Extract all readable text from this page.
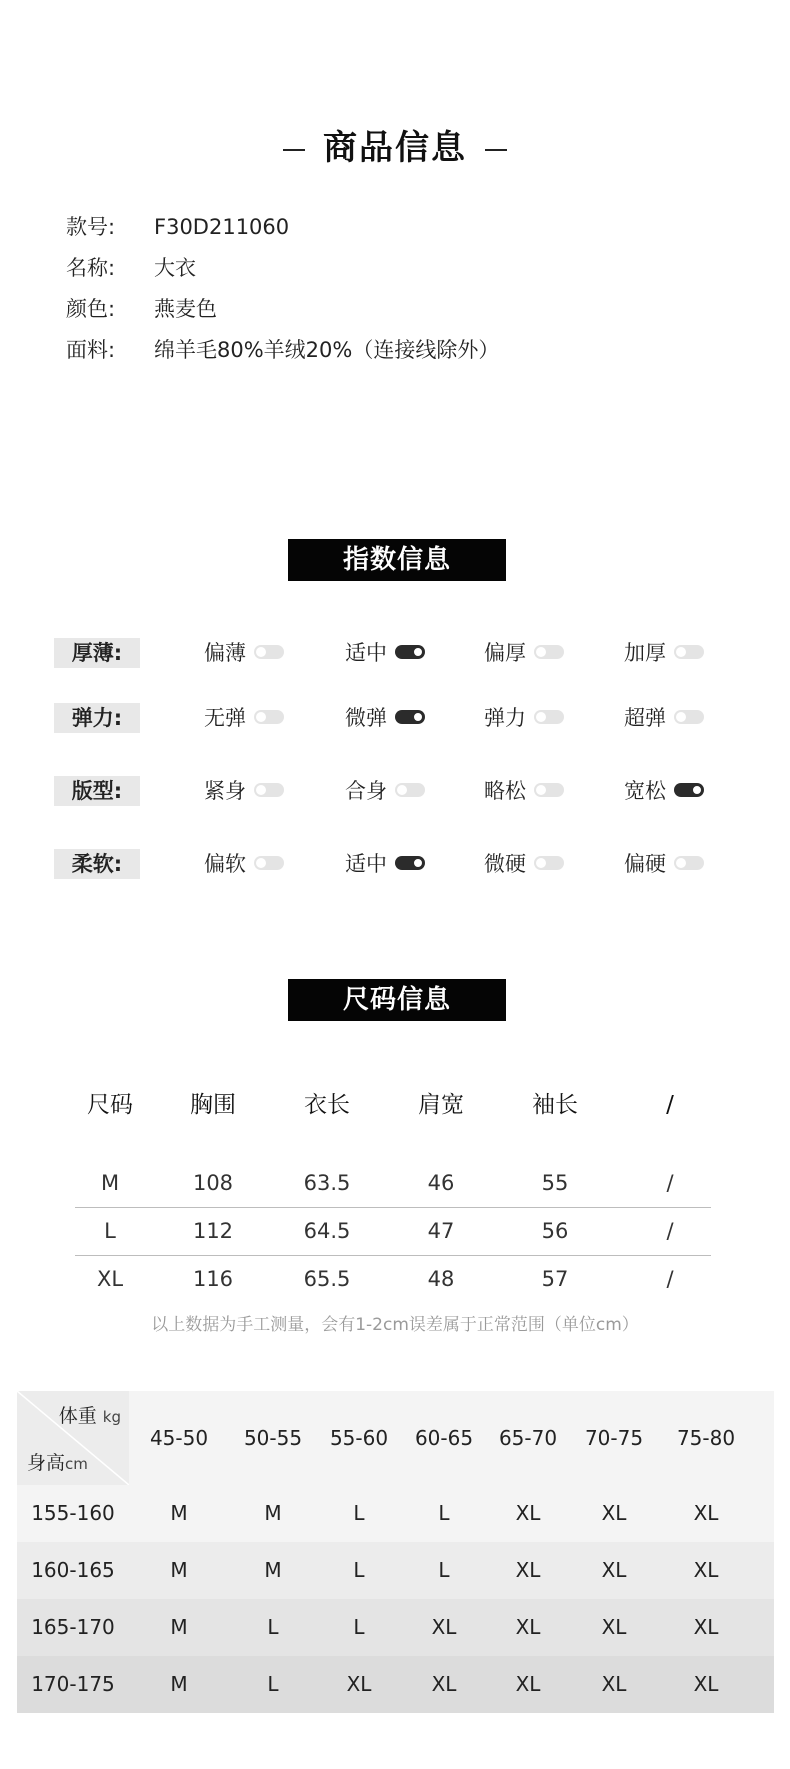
商品信息
款号: F30D211060
名称: 大衣
颜色: 燕麦色
面料: 绵羊毛80%羊绒20%（连接线除外）
指数信息
厚薄:	偏薄	适中	偏厚	加厚
弹力:	无弹	微弹	弹力	超弹
版型:	紧身	合身	略松	宽松
柔软:	偏软	适中	微硬	偏硬
尺码信息
尺码	胸围	衣长	肩宽	袖长	/
M	108	63.5	46	55	/
L	112	64.5	47	56	/
XL	116	65.5	48	57	/
以上数据为手工测量，会有1-2cm误差属于正常范围（单位cm）
体重 kg
身高cm
45-50	50-55	55-60	60-65	65-70	70-75	75-80
155-160	M	M	L	L	XL	XL	XL
160-165	M	M	L	L	XL	XL	XL
165-170	M	L	L	XL	XL	XL	XL
170-175	M	L	XL	XL	XL	XL	XL
